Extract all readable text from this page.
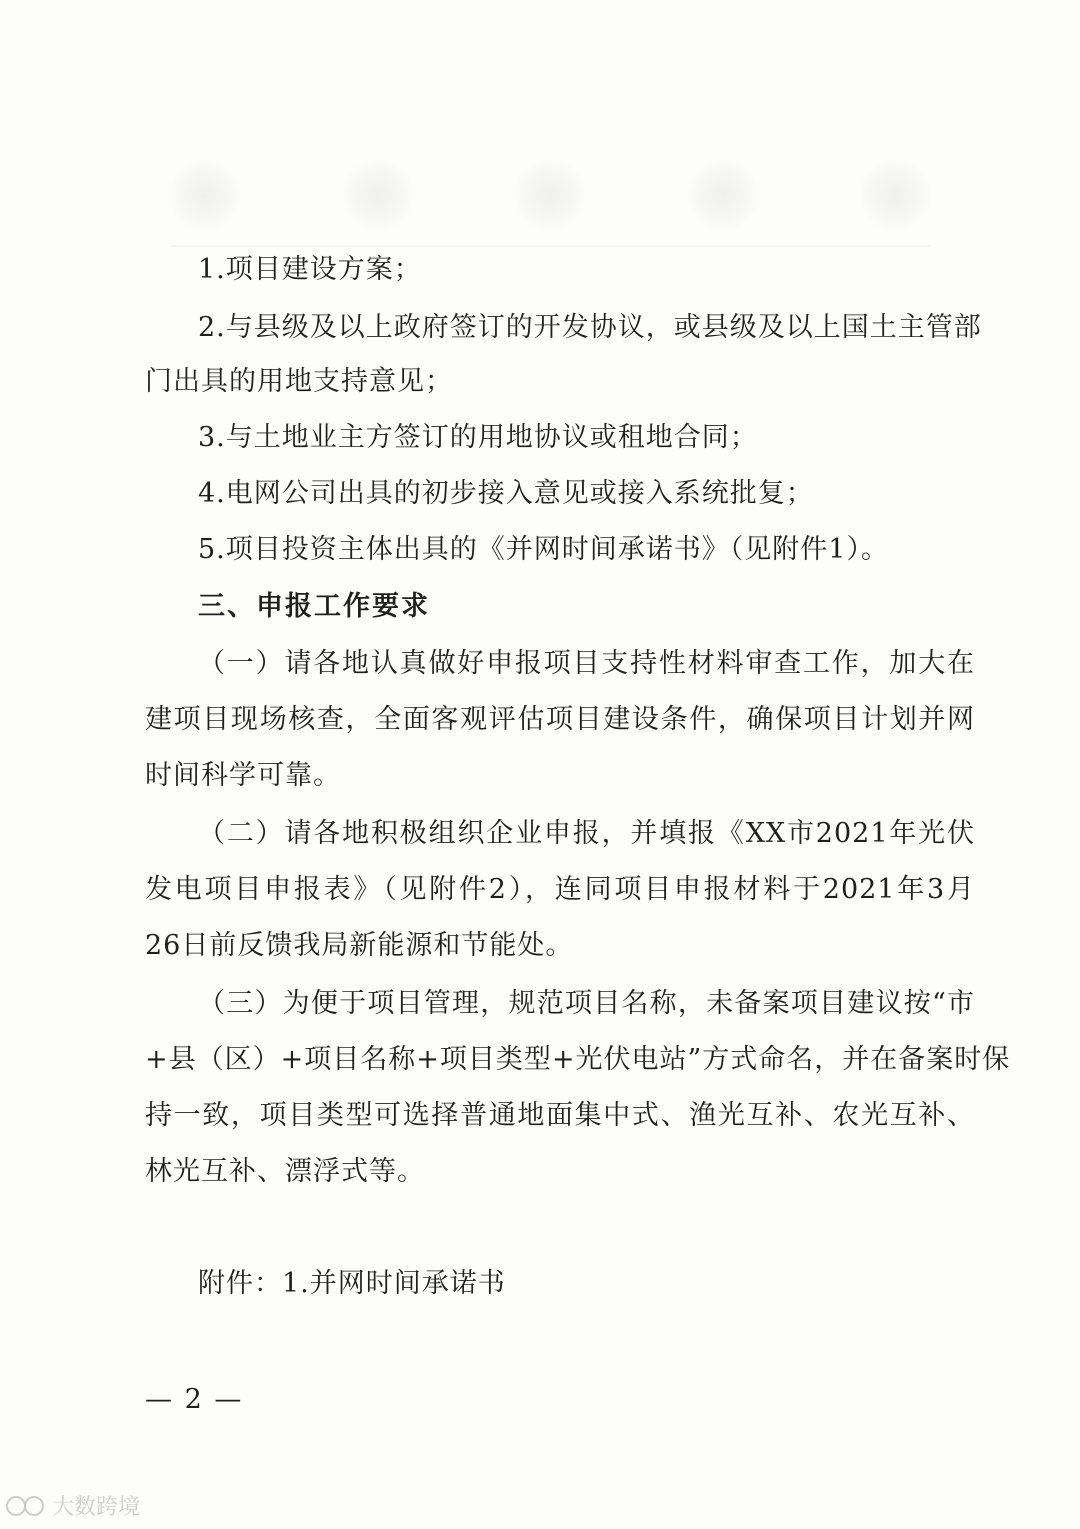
1.项目建设方案；
2.与县级及以上政府签订的开发协议，或县级及以上国土主管部
门出具的用地支持意见；
3.与土地业主方签订的用地协议或租地合同；
4.电网公司出具的初步接入意见或接入系统批复；
5.项目投资主体出具的《并网时间承诺书》（见附件1）。
三、申报工作要求
（一）请各地认真做好申报项目支持性材料审查工作，加大在
建项目现场核查，全面客观评估项目建设条件，确保项目计划并网
时间科学可靠。
（二）请各地积极组织企业申报，并填报《XX市2021年光伏
发电项目申报表》（见附件2），连同项目申报材料于2021年3月
26日前反馈我局新能源和节能处。
（三）为便于项目管理，规范项目名称，未备案项目建议按“市
+县（区）+项目名称+项目类型+光伏电站”方式命名，并在备案时保
持一致，项目类型可选择普通地面集中式、渔光互补、农光互补、
林光互补、漂浮式等。
附件：1.并网时间承诺书
— 2 —
大数跨境
